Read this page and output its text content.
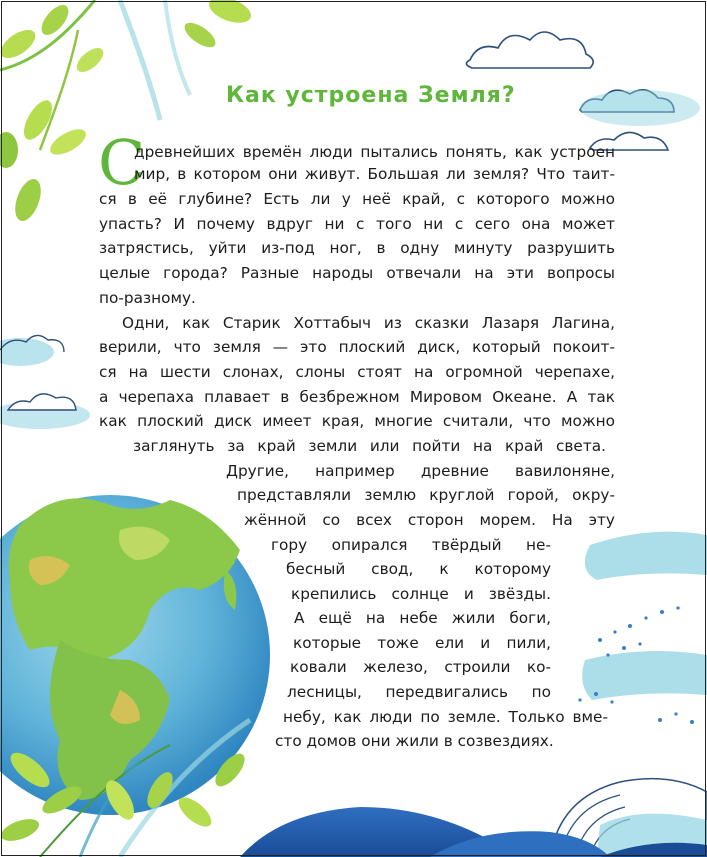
Как устроена Земля?
С
древнейших времён люди пытались понять, как устроен
мир, в котором они живут. Большая ли земля? Что таит-
ся в её глубине? Есть ли у неё край, с которого можно
упасть? И почему вдруг ни с того ни с сего она может
затрястись, уйти из-под ног, в одну минуту разрушить
целые города? Разные народы отвечали на эти вопросы
по-разному.
Одни, как Старик Хоттабыч из сказки Лазаря Лагина,
верили, что земля — это плоский диск, который покоит-
ся на шести слонах, слоны стоят на огромной черепахе,
а черепаха плавает в безбрежном Мировом Океане. А так
как плоский диск имеет края, многие считали, что можно
заглянуть за край земли или пойти на край света.
Другие, например древние вавилоняне,
представляли землю круглой горой, окру-
жённой со всех сторон морем. На эту
гору опирался твёрдый не-
бесный свод, к которому
крепились солнце и звёзды.
А ещё на небе жили боги,
которые тоже ели и пили,
ковали железо, строили ко-
лесницы, передвигались по
небу, как люди по земле. Только вме-
сто домов они жили в созвездиях.
